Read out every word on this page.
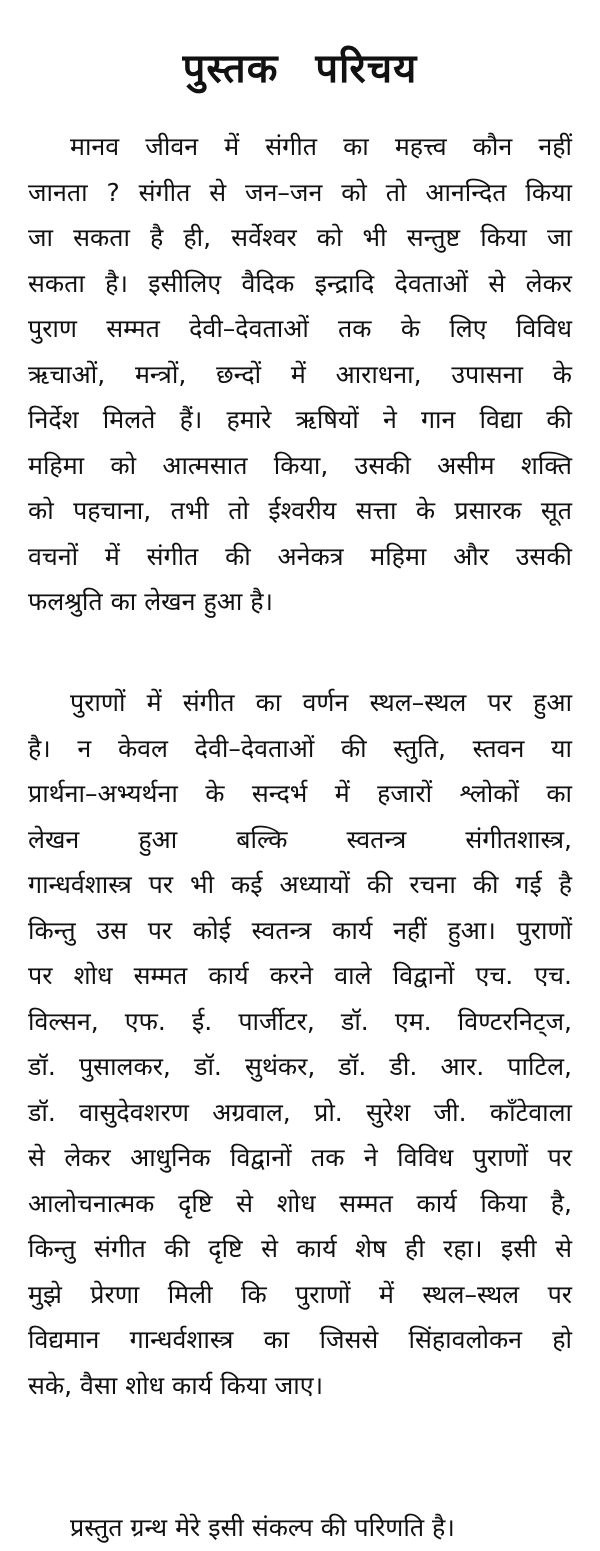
पुस्तक परिचय
मानव जीवन में संगीत का महत्त्व कौन नहीं
जानता ? संगीत से जन–जन को तो आनन्दित किया
जा सकता है ही, सर्वेश्वर को भी सन्तुष्ट किया जा
सकता है। इसीलिए वैदिक इन्द्रादि देवताओं से लेकर
पुराण सम्मत देवी–देवताओं तक के लिए विविध
ऋचाओं, मन्त्रों, छन्दों में आराधना, उपासना के
निर्देश मिलते हैं। हमारे ऋषियों ने गान विद्या की
महिमा को आत्मसात किया, उसकी असीम शक्ति
को पहचाना, तभी तो ईश्वरीय सत्ता के प्रसारक सूत
वचनों में संगीत की अनेकत्र महिमा और उसकी
फलश्रुति का लेखन हुआ है।
पुराणों में संगीत का वर्णन स्थल–स्थल पर हुआ
है। न केवल देवी–देवताओं की स्तुति, स्तवन या
प्रार्थना–अभ्यर्थना के सन्दर्भ में हजारों श्लोकों का
लेखन हुआ बल्कि स्वतन्त्र संगीतशास्त्र,
गान्धर्वशास्त्र पर भी कई अध्यायों की रचना की गई है
किन्तु उस पर कोई स्वतन्त्र कार्य नहीं हुआ। पुराणों
पर शोध सम्मत कार्य करने वाले विद्वानों एच. एच.
विल्सन, एफ. ई. पार्जीटर, डॉ. एम. विण्टरनिट्ज,
डॉ. पुसालकर, डॉ. सुथंकर, डॉ. डी. आर. पाटिल,
डॉ. वासुदेवशरण अग्रवाल, प्रो. सुरेश जी. काँटेवाला
से लेकर आधुनिक विद्वानों तक ने विविध पुराणों पर
आलोचनात्मक दृष्टि से शोध सम्मत कार्य किया है,
किन्तु संगीत की दृष्टि से कार्य शेष ही रहा। इसी से
मुझे प्रेरणा मिली कि पुराणों में स्थल–स्थल पर
विद्यमान गान्धर्वशास्त्र का जिससे सिंहावलोकन हो
सके, वैसा शोध कार्य किया जाए।
प्रस्तुत ग्रन्थ मेरे इसी संकल्प की परिणति है।
